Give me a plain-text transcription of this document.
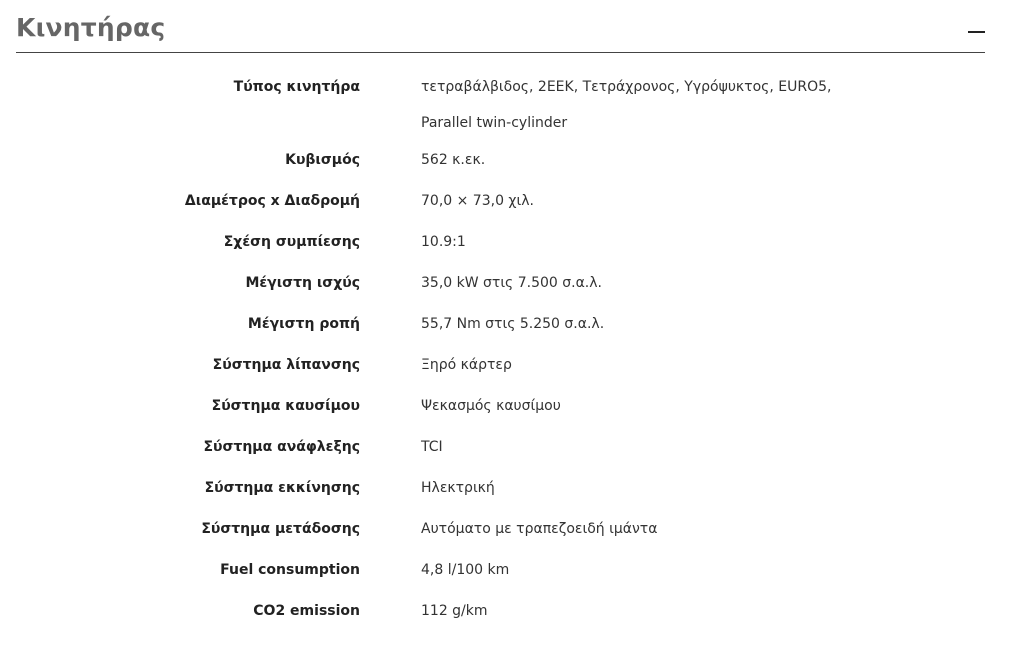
Κινητήρας
Τύπος κινητήρα	τετραβάλβιδος, 2ΕΕΚ, Τετράχρονος, Υγρόψυκτος, EURO5, Parallel twin-cylinder
Κυβισμός	562 κ.εκ.
Διαμέτρος x Διαδρομή	70,0 × 73,0 χιλ.
Σχέση συμπίεσης	10.9:1
Μέγιστη ισχύς	35,0 kW στις 7.500 σ.α.λ.
Μέγιστη ροπή	55,7 Nm στις 5.250 σ.α.λ.
Σύστημα λίπανσης	Ξηρό κάρτερ
Σύστημα καυσίμου	Ψεκασμός καυσίμου
Σύστημα ανάφλεξης	TCI
Σύστημα εκκίνησης	Ηλεκτρική
Σύστημα μετάδοσης	Αυτόματο με τραπεζοειδή ιμάντα
Fuel consumption	4,8 l/100 km
CO2 emission	112 g/km
